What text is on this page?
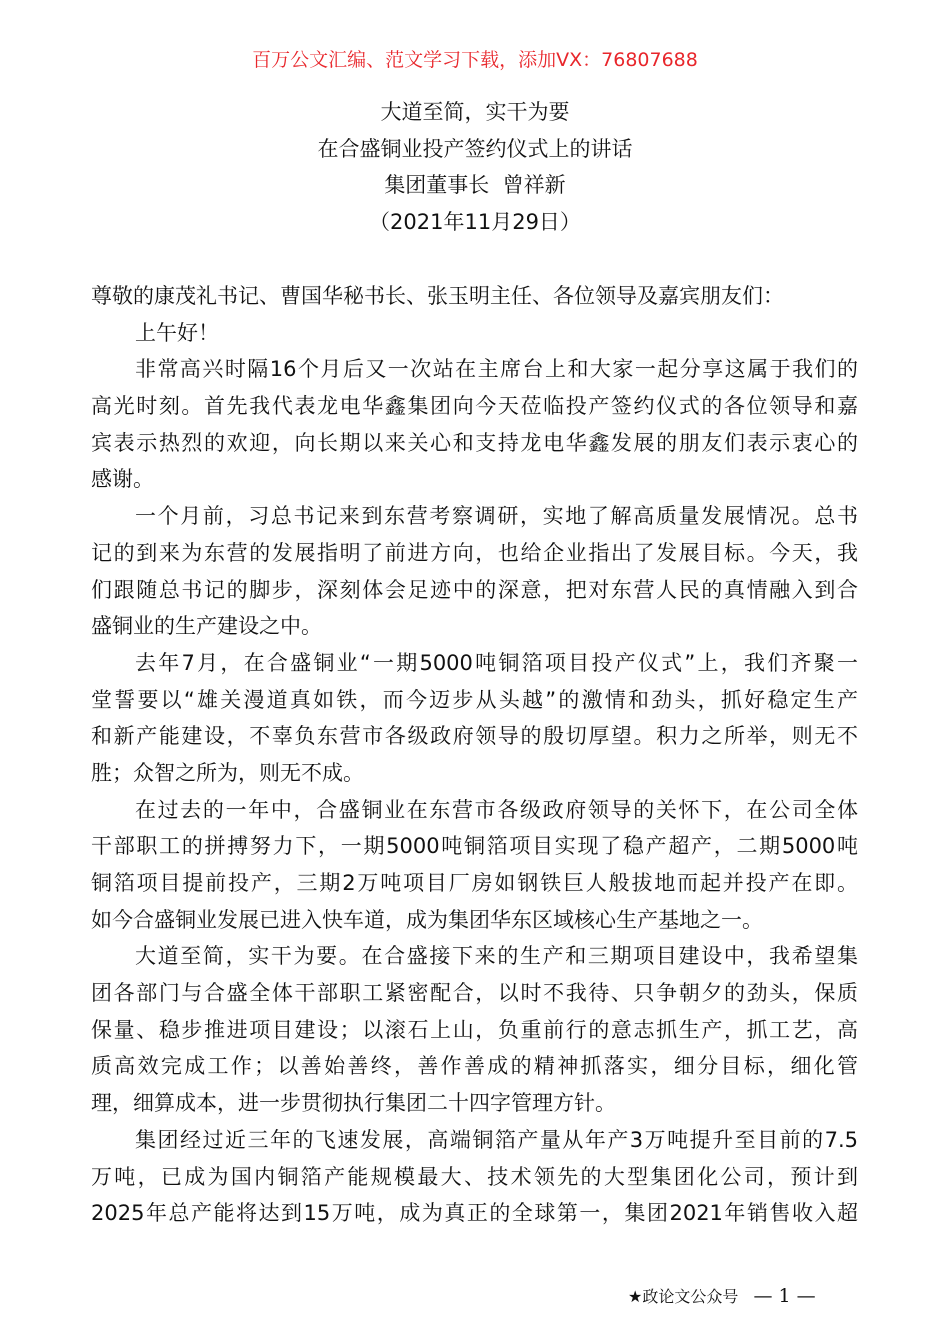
百万公文汇编、范文学习下载，添加VX：76807688
大道至简，实干为要
在合盛铜业投产签约仪式上的讲话
集团董事长  曾祥新
（2021年11月29日）
尊敬的康茂礼书记、曹国华秘书长、张玉明主任、各位领导及嘉宾朋友们：
上午好！
非常高兴时隔16个月后又一次站在主席台上和大家一起分享这属于我们的
高光时刻。首先我代表龙电华鑫集团向今天莅临投产签约仪式的各位领导和嘉
宾表示热烈的欢迎，向长期以来关心和支持龙电华鑫发展的朋友们表示衷心的
感谢。
一个月前，习总书记来到东营考察调研，实地了解高质量发展情况。总书
记的到来为东营的发展指明了前进方向，也给企业指出了发展目标。今天，我
们跟随总书记的脚步，深刻体会足迹中的深意，把对东营人民的真情融入到合
盛铜业的生产建设之中。
去年7月，在合盛铜业“一期5000吨铜箔项目投产仪式”上，我们齐聚一
堂誓要以“雄关漫道真如铁，而今迈步从头越”的激情和劲头，抓好稳定生产
和新产能建设，不辜负东营市各级政府领导的殷切厚望。积力之所举，则无不
胜；众智之所为，则无不成。
在过去的一年中，合盛铜业在东营市各级政府领导的关怀下，在公司全体
干部职工的拼搏努力下，一期5000吨铜箔项目实现了稳产超产，二期5000吨
铜箔项目提前投产，三期2万吨项目厂房如钢铁巨人般拔地而起并投产在即。
如今合盛铜业发展已进入快车道，成为集团华东区域核心生产基地之一。
大道至简，实干为要。在合盛接下来的生产和三期项目建设中，我希望集
团各部门与合盛全体干部职工紧密配合，以时不我待、只争朝夕的劲头，保质
保量、稳步推进项目建设；以滚石上山，负重前行的意志抓生产，抓工艺，高
质高效完成工作；以善始善终，善作善成的精神抓落实，细分目标，细化管
理，细算成本，进一步贯彻执行集团二十四字管理方针。
集团经过近三年的飞速发展，高端铜箔产量从年产3万吨提升至目前的7.5
万吨，已成为国内铜箔产能规模最大、技术领先的大型集团化公司，预计到
2025年总产能将达到15万吨，成为真正的全球第一，集团2021年销售收入超
★政论文公众号 — 1 —
